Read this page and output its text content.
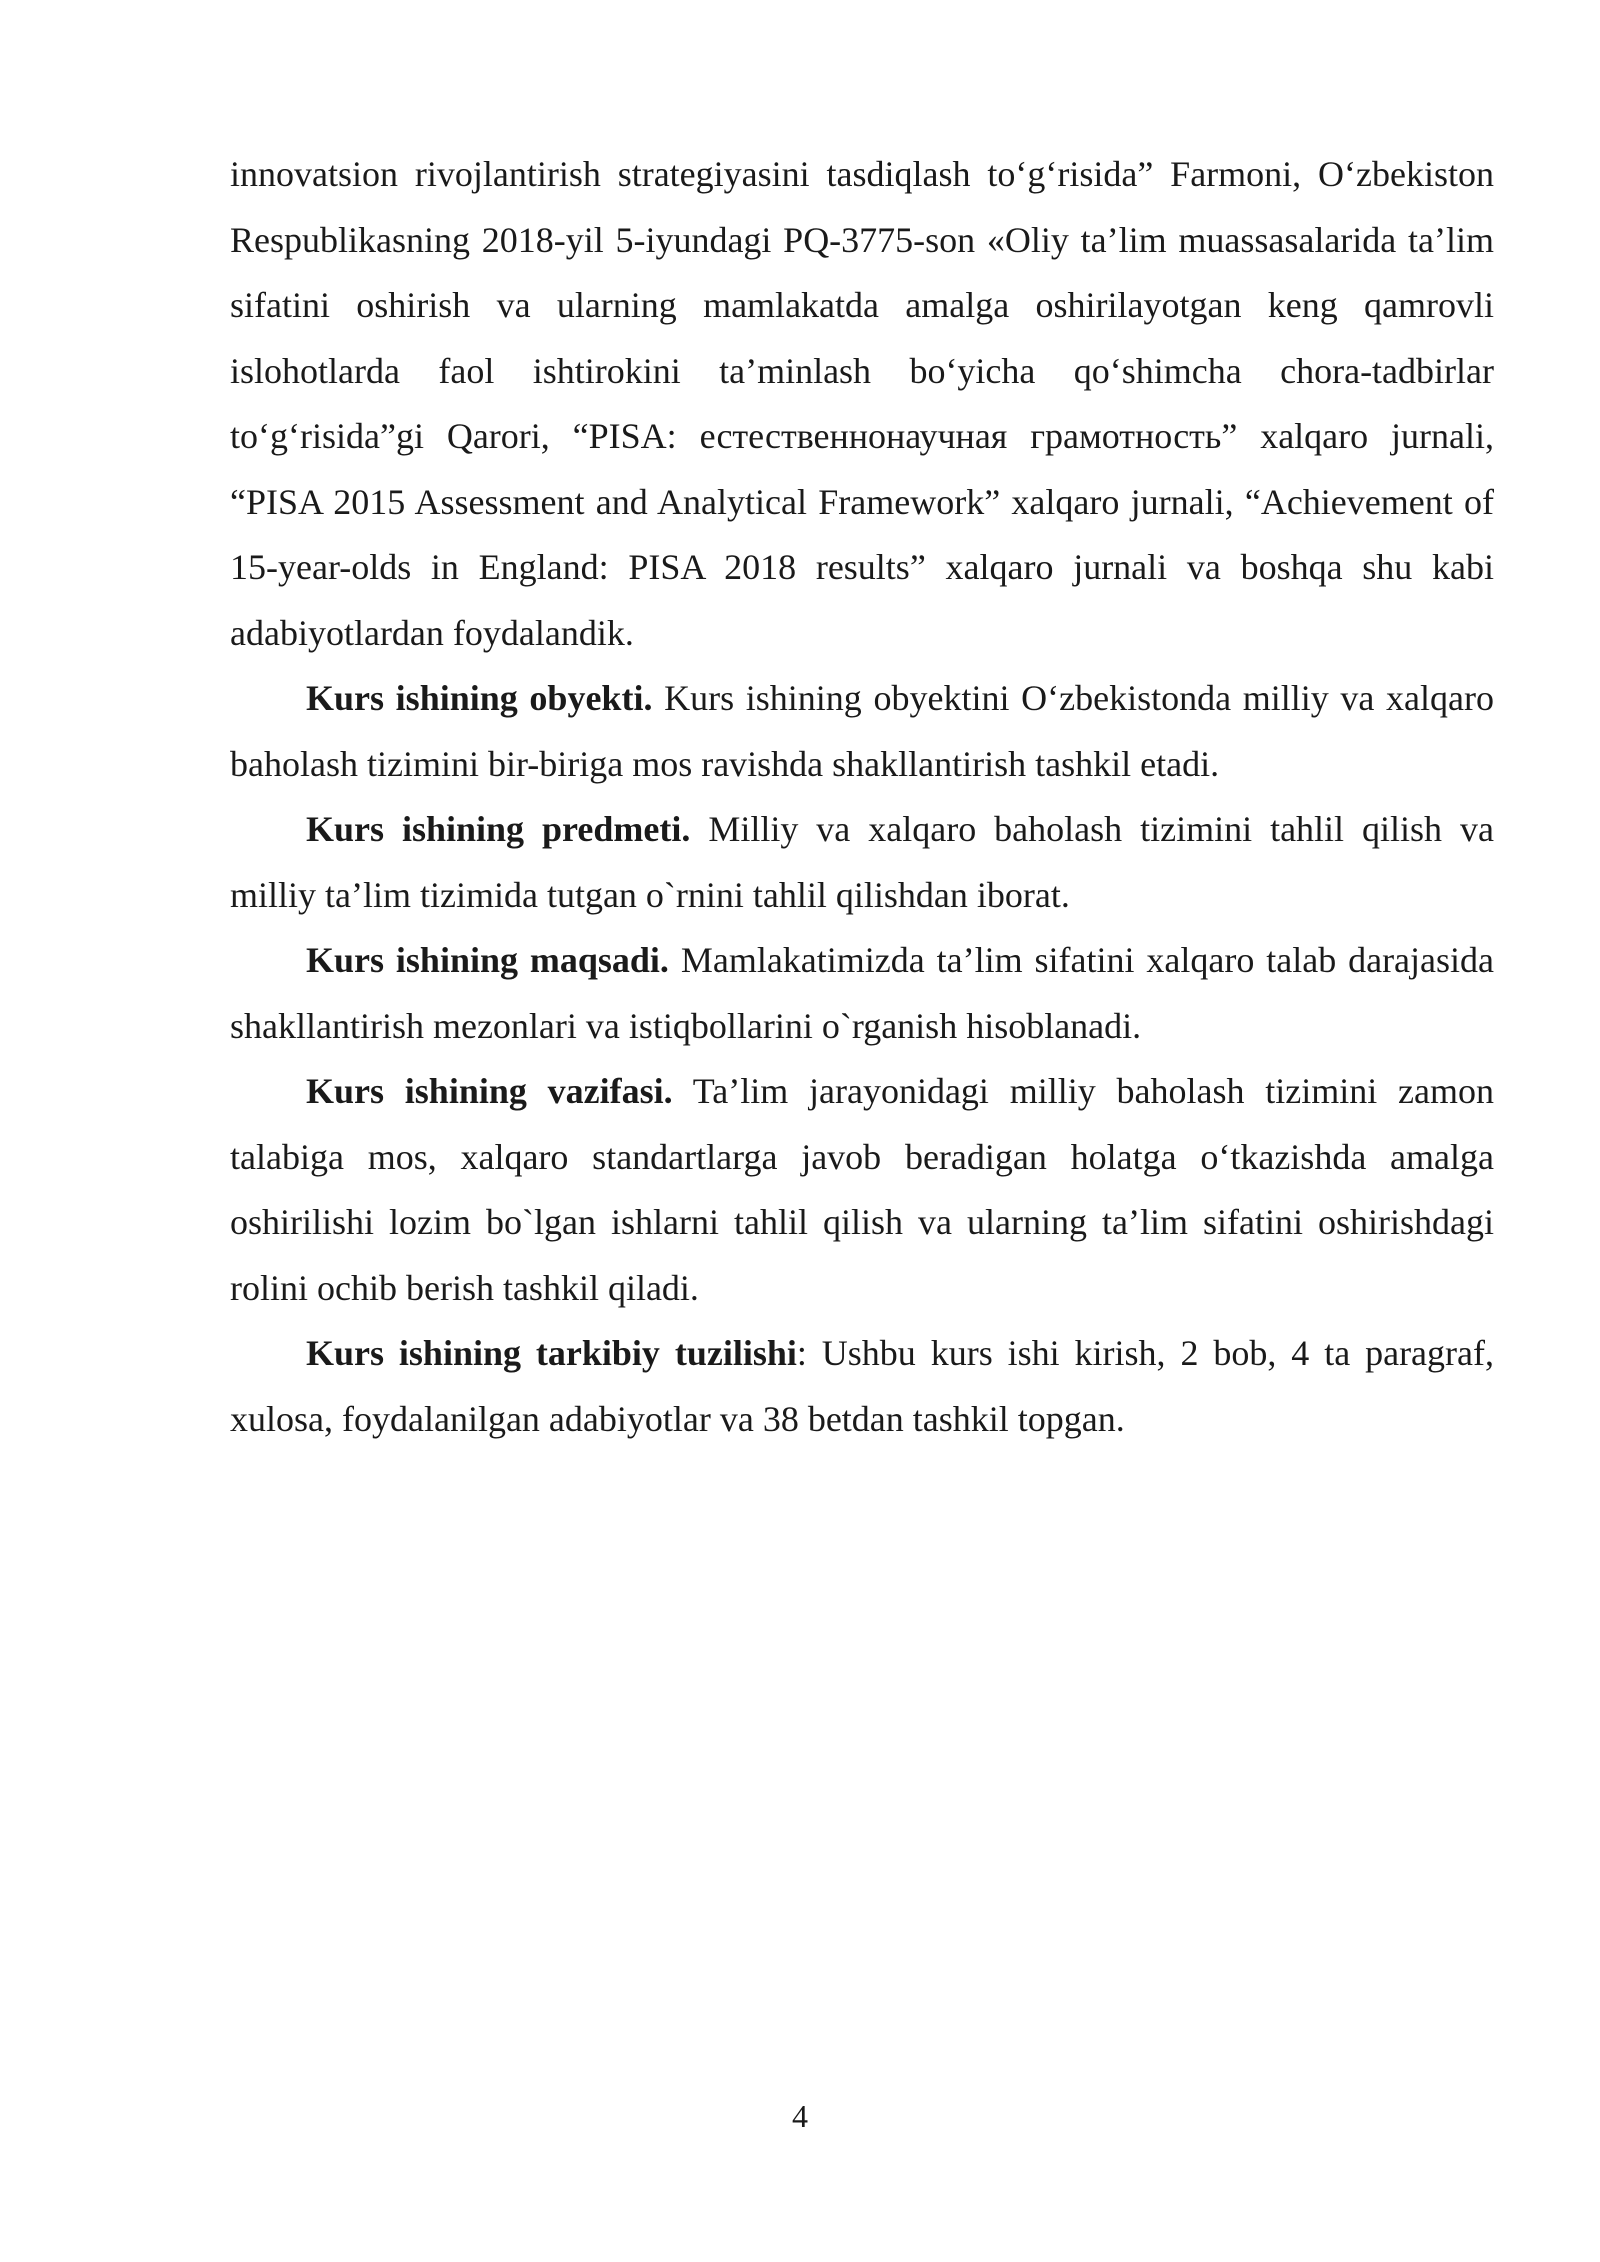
innovatsion rivojlantirish strategiyasini tasdiqlash to‘g‘risida” Farmoni, O‘zbekiston Respublikasning 2018-yil 5-iyundagi PQ-3775-son «Oliy ta’lim muassasalarida ta’lim sifatini oshirish va ularning mamlakatda amalga oshirilayotgan keng qamrovli islohotlarda faol ishtirokini ta’minlash bo‘yicha qo‘shimcha chora-tadbirlar to‘g‘risida”gi Qarori, “PISA: естественнонаучная грамотность” xalqaro jurnali, “PISA 2015 Assessment and Analytical Framework” xalqaro jurnali, “Achievement of 15-year-olds in England: PISA 2018 results” xalqaro jurnali va boshqa shu kabi adabiyotlardan foydalandik.

Kurs ishining obyekti. Kurs ishining obyektini O‘zbekistonda milliy va xalqaro baholash tizimini bir-biriga mos ravishda shakllantirish tashkil etadi.

Kurs ishining predmeti. Milliy va xalqaro baholash tizimini tahlil qilish va milliy ta’lim tizimida tutgan o`rnini tahlil qilishdan iborat.

Kurs ishining maqsadi. Mamlakatimizda ta’lim sifatini xalqaro talab darajasida shakllantirish mezonlari va istiqbollarini o`rganish hisoblanadi.

Kurs ishining vazifasi. Ta’lim jarayonidagi milliy baholash tizimini zamon talabiga mos, xalqaro standartlarga javob beradigan holatga o‘tkazishda amalga oshirilishi lozim bo`lgan ishlarni tahlil qilish va ularning ta’lim sifatini oshirishdagi rolini ochib berish tashkil qiladi.

Kurs ishining tarkibiy tuzilishi: Ushbu kurs ishi kirish, 2 bob, 4 ta paragraf, xulosa, foydalanilgan adabiyotlar va 38 betdan tashkil topgan.

4
